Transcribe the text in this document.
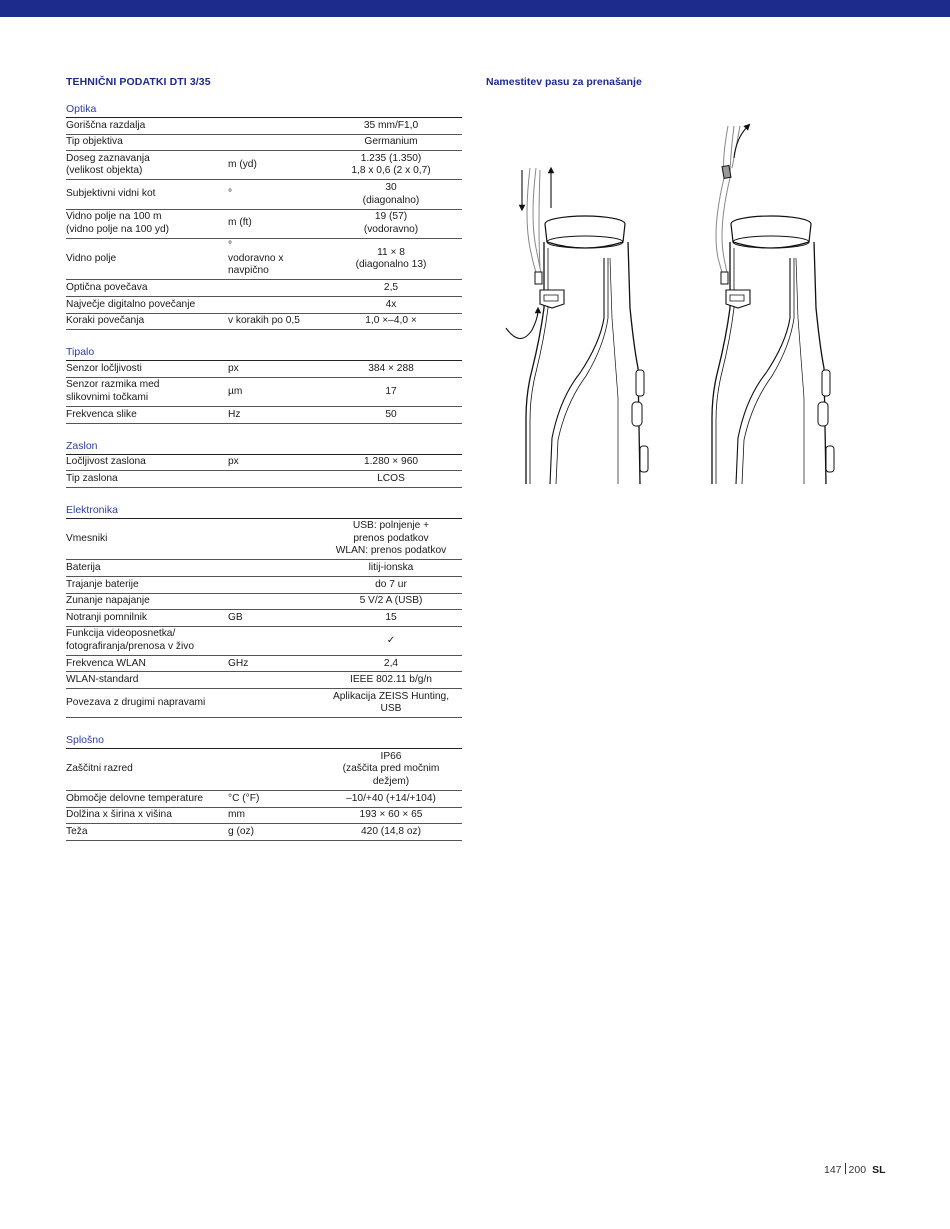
TEHNIČNI PODATKI DTI 3/35
Optika
Goriščna razdalja		35 mm/F1,0
Tip objektiva		Germanium
Doseg zaznavanja
(velikost objekta)	m (yd)	1.235 (1.350)
1,8 x 0,6 (2 x 0,7)
Subjektivni vidni kot	°	30
(diagonalno)
Vidno polje na 100 m
(vidno polje na 100 yd)	m (ft)	19 (57)
(vodoravno)
Vidno polje	°
vodoravno x
navpično	11 × 8
(diagonalno 13)
Optična povečava		2,5
Največje digitalno povečanje		4x
Koraki povečanja	v korakih po 0,5	1,0 ×–4,0 ×
Tipalo
Senzor ločljivosti	px	384 × 288
Senzor razmika med
slikovnimi točkami	µm	17
Frekvenca slike	Hz	50
Zaslon
Ločljivost zaslona	px	1.280 × 960
Tip zaslona		LCOS
Elektronika
Vmesniki		USB: polnjenje +
prenos podatkov
WLAN: prenos podatkov
Baterija		litij-ionska
Trajanje baterije		do 7 ur
Zunanje napajanje		5 V/2 A (USB)
Notranji pomnilnik	GB	15
Funkcija videoposnetka/
fotografiranja/prenosa v živo		✓
Frekvenca WLAN	GHz	2,4
WLAN-standard		IEEE 802.11 b/g/n
Povezava z drugimi napravami		Aplikacija ZEISS Hunting,
USB
Splošno
Zaščitni razred		IP66
(zaščita pred močnim
dežjem)
Območje delovne temperature	°C (°F)	–10/+40 (+14/+104)
Dolžina x širina x višina	mm	193 × 60 × 65
Teža	g (oz)	420 (14,8 oz)
Namestitev pasu za prenašanje
147 200 SL
